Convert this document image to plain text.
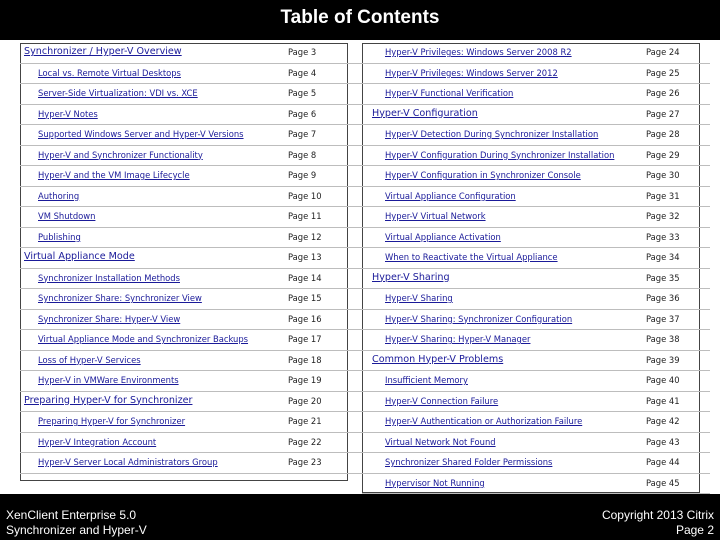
Table of Contents
Synchronizer / Hyper-V Overview	Page 3
Local vs. Remote Virtual Desktops	Page 4
Server-Side Virtualization: VDI vs. XCE	Page 5
Hyper-V Notes	Page 6
Supported Windows Server and Hyper-V Versions	Page 7
Hyper-V and Synchronizer Functionality	Page 8
Hyper-V and the VM Image Lifecycle	Page 9
Authoring	Page 10
VM Shutdown	Page 11
Publishing	Page 12
Virtual Appliance Mode	Page 13
Synchronizer Installation Methods	Page 14
Synchronizer Share: Synchronizer View	Page 15
Synchronizer Share: Hyper-V View	Page 16
Virtual Appliance Mode and Synchronizer Backups	Page 17
Loss of Hyper-V Services	Page 18
Hyper-V in VMWare Environments	Page 19
Preparing Hyper-V for Synchronizer	Page 20
Preparing Hyper-V for Synchronizer	Page 21
Hyper-V Integration Account	Page 22
Hyper-V Server Local Administrators Group	Page 23
Hyper-V Privileges: Windows Server 2008 R2	Page 24
Hyper-V Privileges: Windows Server 2012	Page 25
Hyper-V Functional Verification	Page 26
Hyper-V Configuration	Page 27
Hyper-V Detection During Synchronizer Installation	Page 28
Hyper-V Configuration During Synchronizer Installation	Page 29
Hyper-V Configuration in Synchronizer Console	Page 30
Virtual Appliance Configuration	Page 31
Hyper-V Virtual Network	Page 32
Virtual Appliance Activation	Page 33
When to Reactivate the Virtual Appliance	Page 34
Hyper-V Sharing	Page 35
Hyper-V Sharing	Page 36
Hyper-V Sharing: Synchronizer Configuration	Page 37
Hyper-V Sharing: Hyper-V Manager	Page 38
Common Hyper-V Problems	Page 39
Insufficient Memory	Page 40
Hyper-V Connection Failure	Page 41
Hyper-V Authentication or Authorization Failure	Page 42
Virtual Network Not Found	Page 43
Synchronizer Shared Folder Permissions	Page 44
Hypervisor Not Running	Page 45
XenClient Enterprise 5.0
Synchronizer and Hyper-V
Copyright 2013 Citrix
Page 2
